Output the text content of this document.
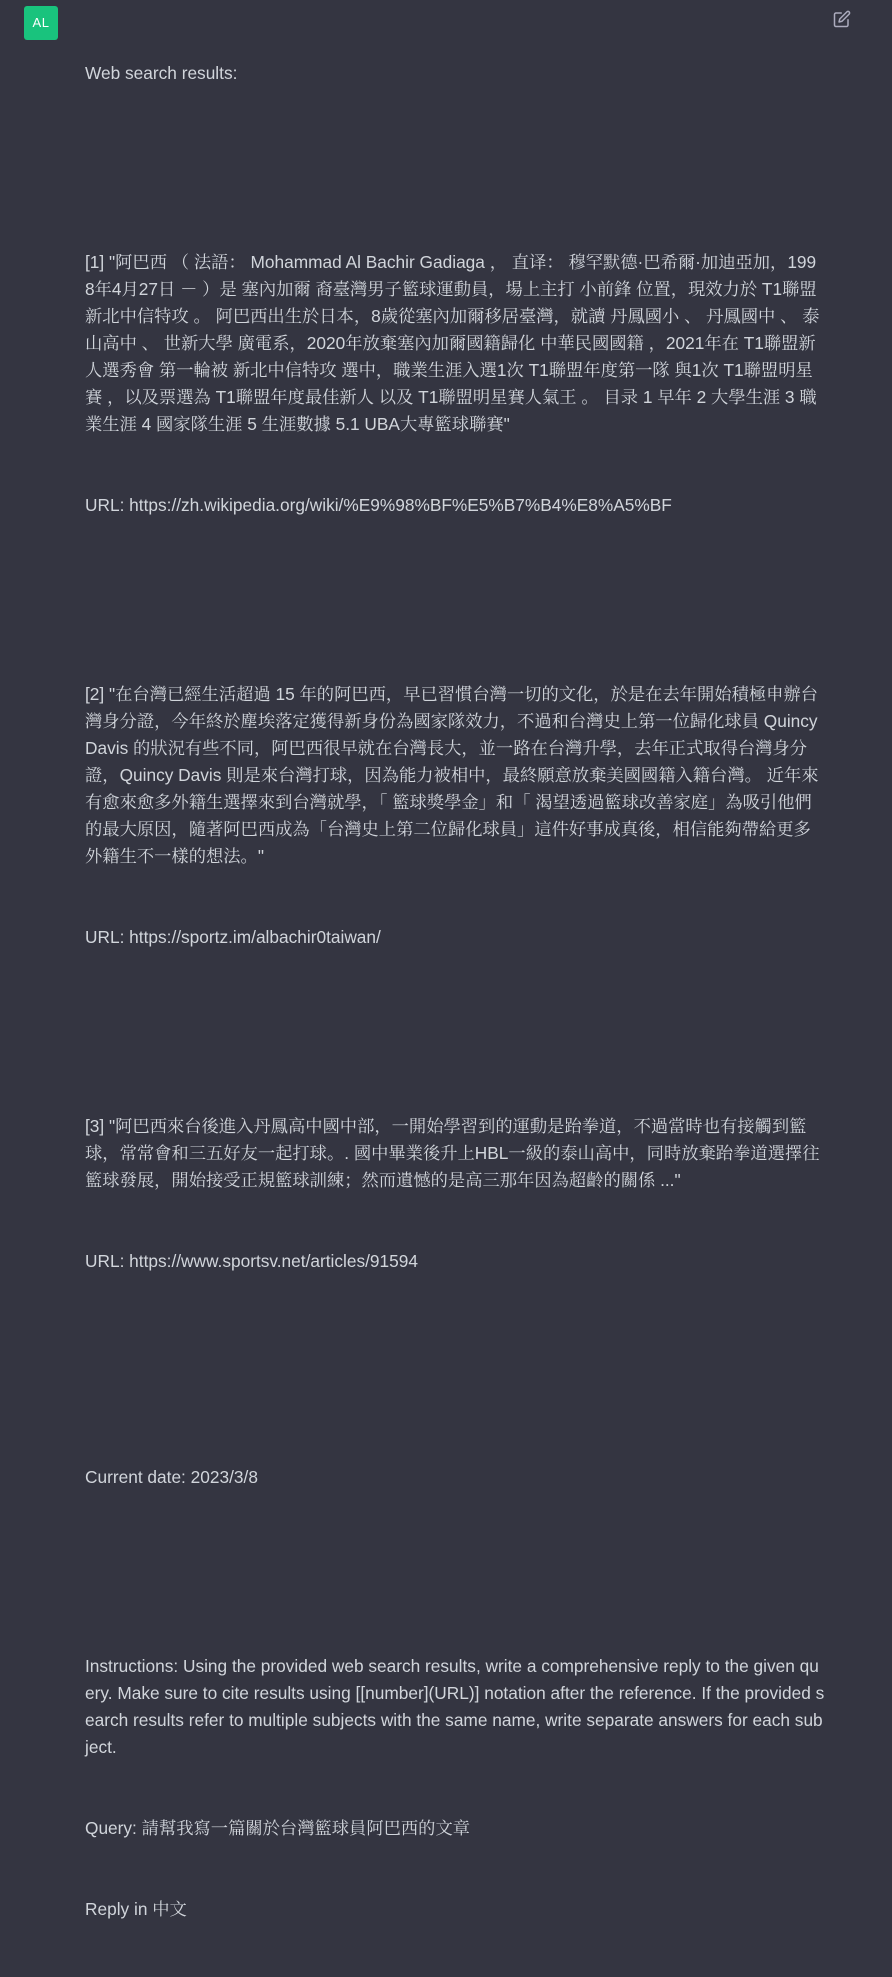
AL

Web search results:

[1] "阿巴西 （ 法語： Mohammad Al Bachir Gadiaga ， 直译： 穆罕默德·巴希爾·加迪亞加，1998年4月27日 － ）是 塞內加爾 裔臺灣男子籃球運動員，場上主打 小前鋒 位置，現效力於 T1聯盟 新北中信特攻 。 阿巴西出生於日本，8歲從塞內加爾移居臺灣，就讀 丹鳳國小 、 丹鳳國中 、 泰山高中 、 世新大學 廣電系，2020年放棄塞內加爾國籍歸化 中華民國國籍 ，2021年在 T1聯盟新人選秀會 第一輪被 新北中信特攻 選中，職業生涯入選1次 T1聯盟年度第一隊 與1次 T1聯盟明星賽 ，以及票選為 T1聯盟年度最佳新人 以及 T1聯盟明星賽人氣王 。 目录 1 早年 2 大學生涯 3 職業生涯 4 國家隊生涯 5 生涯數據 5.1 UBA大專籃球聯賽"

URL: https://zh.wikipedia.org/wiki/%E9%98%BF%E5%B7%B4%E8%A5%BF

[2] "在台灣已經生活超過 15 年的阿巴西，早已習慣台灣一切的文化，於是在去年開始積極申辦台灣身分證，今年終於塵埃落定獲得新身份為國家隊效力，不過和台灣史上第一位歸化球員 Quincy Davis 的狀況有些不同，阿巴西很早就在台灣長大，並一路在台灣升學，去年正式取得台灣身分證，Quincy Davis 則是來台灣打球，因為能力被相中，最終願意放棄美國國籍入籍台灣。 近年來有愈來愈多外籍生選擇來到台灣就學，「 籃球獎學金」和「 渴望透過籃球改善家庭」為吸引他們的最大原因，隨著阿巴西成為「台灣史上第二位歸化球員」這件好事成真後，相信能夠帶給更多外籍生不一樣的想法。"

URL: https://sportz.im/albachir0taiwan/

[3] "阿巴西來台後進入丹鳳高中國中部，一開始學習到的運動是跆拳道，不過當時也有接觸到籃球，常常會和三五好友一起打球。. 國中畢業後升上HBL一級的泰山高中，同時放棄跆拳道選擇往籃球發展，開始接受正規籃球訓練；然而遺憾的是高三那年因為超齡的關係 ..."

URL: https://www.sportsv.net/articles/91594

Current date: 2023/3/8

Instructions: Using the provided web search results, write a comprehensive reply to the given query. Make sure to cite results using [[number](URL)] notation after the reference. If the provided search results refer to multiple subjects with the same name, write separate answers for each subject.

Query: 請幫我寫一篇關於台灣籃球員阿巴西的文章

Reply in 中文
